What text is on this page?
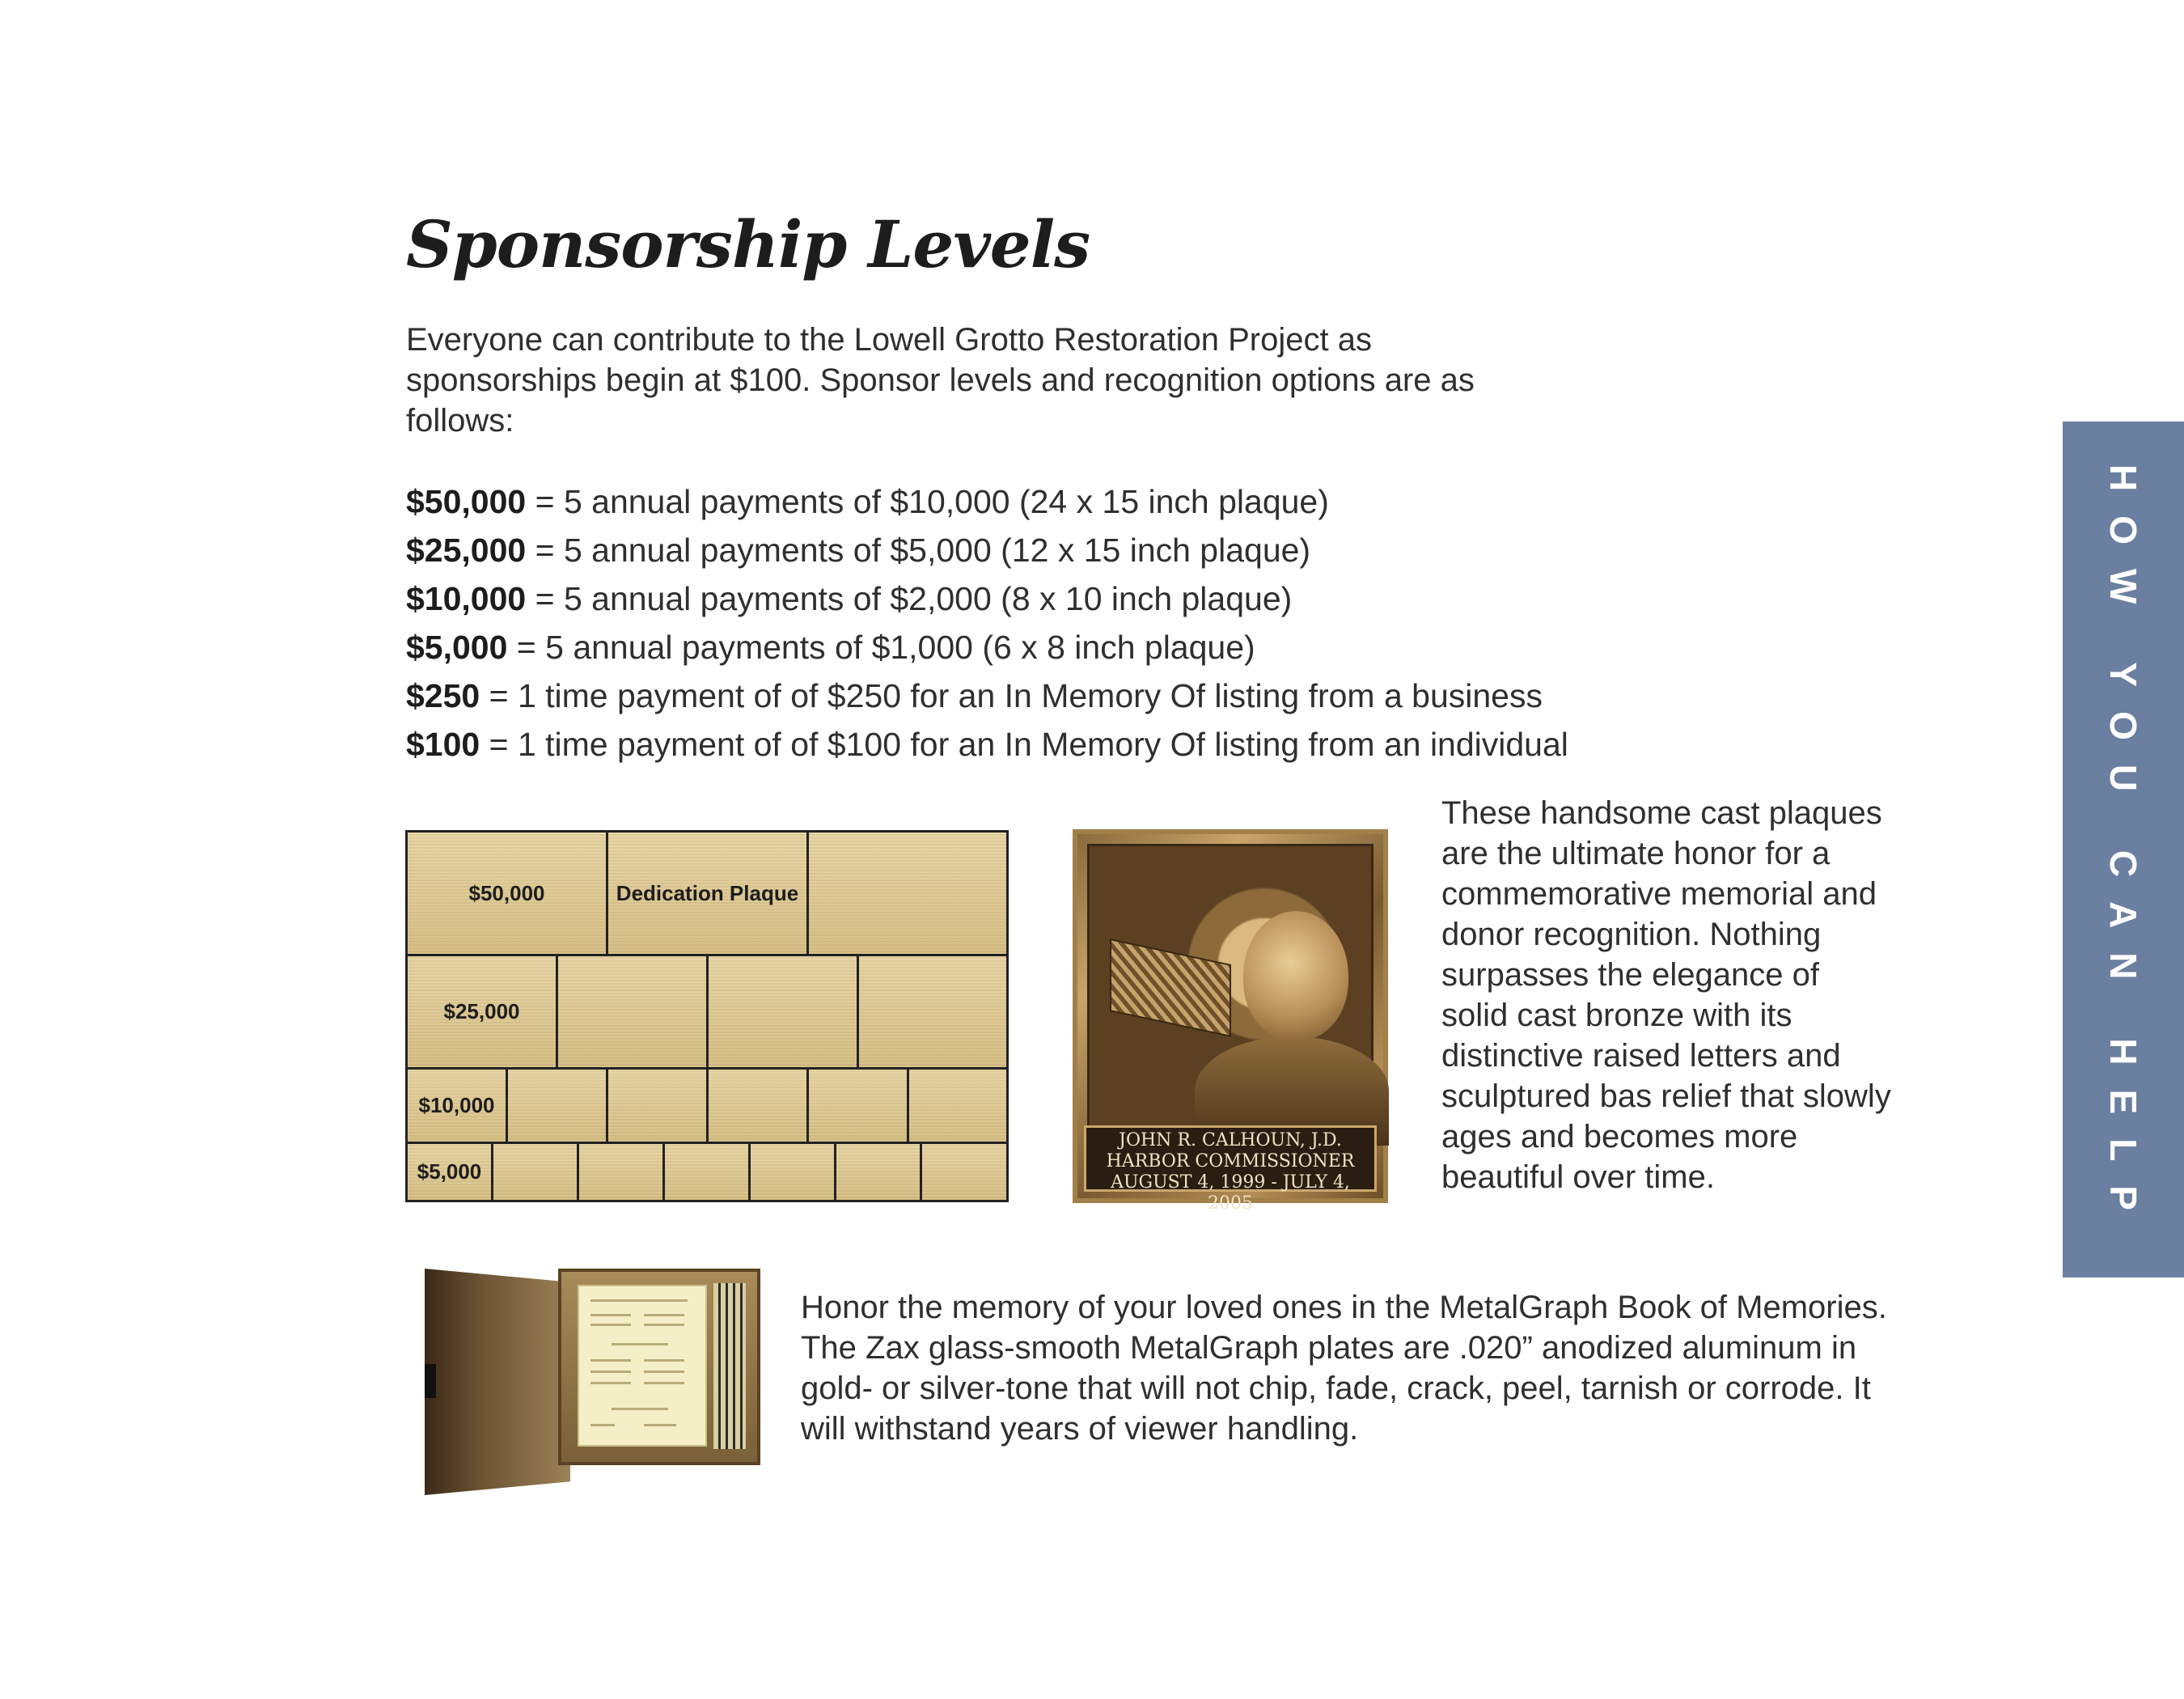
Sponsorship Levels

Everyone can contribute to the Lowell Grotto Restoration Project as sponsorships begin at $100. Sponsor levels and recognition options are as follows:

$50,000 = 5 annual payments of $10,000 (24 x 15 inch plaque)
$25,000 = 5 annual payments of $5,000 (12 x 15 inch plaque)
$10,000 = 5 annual payments of $2,000 (8 x 10 inch plaque)
$5,000 = 5 annual payments of $1,000 (6 x 8 inch plaque)
$250 = 1 time payment of of $250 for an In Memory Of listing from a business
$100 = 1 time payment of of $100 for an In Memory Of listing from an individual
$50,000	Dedication Plaque
$25,000
$10,000
$5,000
JOHN R. CALHOUN, J.D.
HARBOR COMMISSIONER
AUGUST 4, 1999 - JULY 4, 2005

These handsome cast plaques are the ultimate honor for a commemorative memorial and donor recognition. Nothing surpasses the elegance of solid cast bronze with its distinctive raised letters and sculptured bas relief that slowly ages and becomes more beautiful over time.

Honor the memory of your loved ones in the MetalGraph Book of Memories. The Zax glass-smooth MetalGraph plates are .020” anodized aluminum in gold- or silver-tone that will not chip, fade, crack, peel, tarnish or corrode. It will withstand years of viewer handling.

HOW YOU CAN HELP
